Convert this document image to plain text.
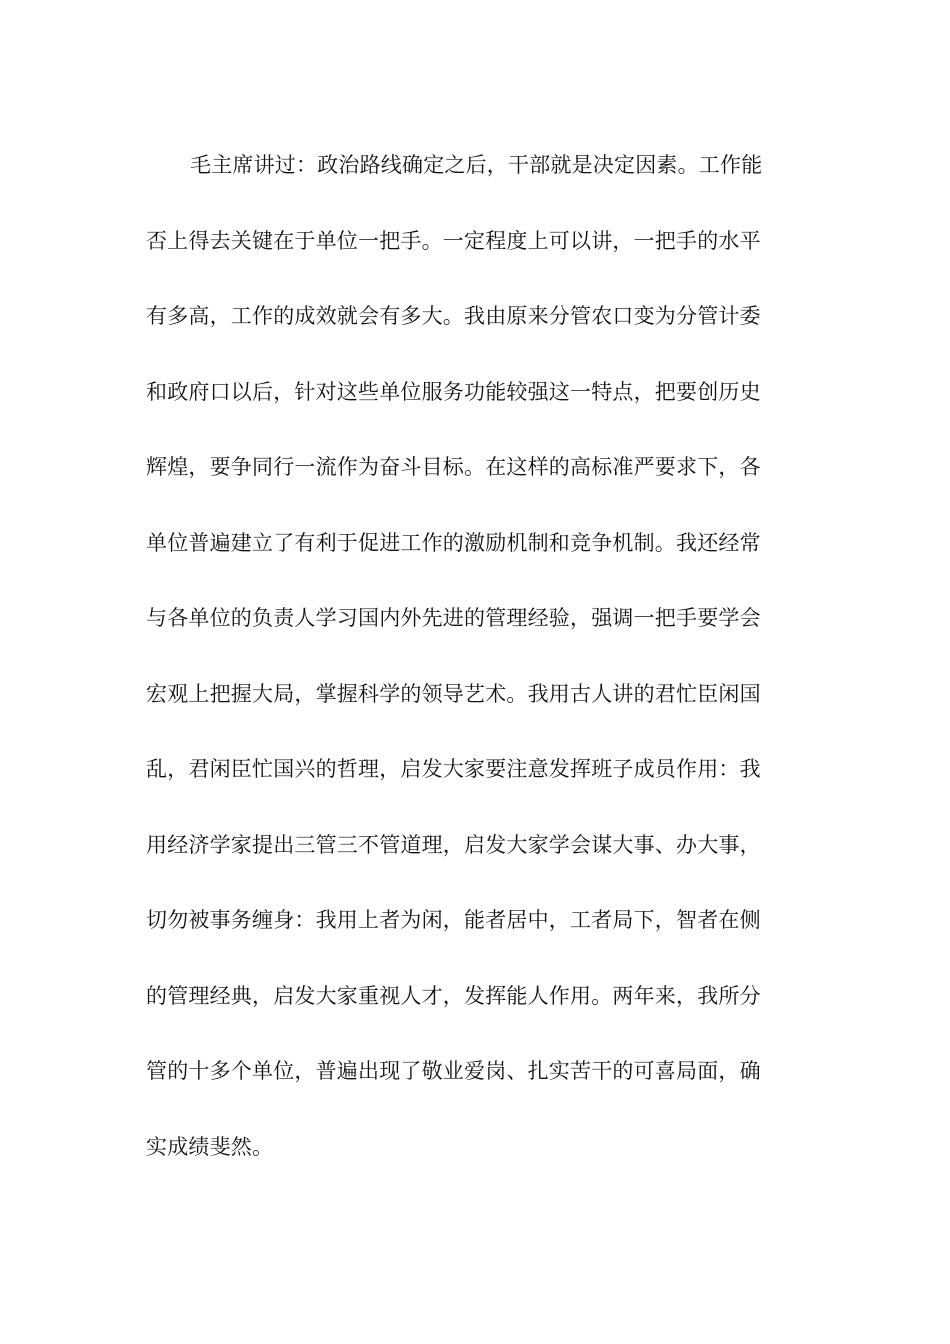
毛主席讲过：政治路线确定之后，干部就是决定因素。工作能
否上得去关键在于单位一把手。一定程度上可以讲，一把手的水平
有多高，工作的成效就会有多大。我由原来分管农口变为分管计委
和政府口以后，针对这些单位服务功能较强这一特点，把要创历史
辉煌，要争同行一流作为奋斗目标。在这样的高标准严要求下，各
单位普遍建立了有利于促进工作的激励机制和竞争机制。我还经常
与各单位的负责人学习国内外先进的管理经验，强调一把手要学会
宏观上把握大局，掌握科学的领导艺术。我用古人讲的君忙臣闲国
乱，君闲臣忙国兴的哲理，启发大家要注意发挥班子成员作用：我
用经济学家提出三管三不管道理，启发大家学会谋大事、办大事，
切勿被事务缠身：我用上者为闲，能者居中，工者局下，智者在侧
的管理经典，启发大家重视人才，发挥能人作用。两年来，我所分
管的十多个单位，普遍出现了敬业爱岗、扎实苦干的可喜局面，确
实成绩斐然。
